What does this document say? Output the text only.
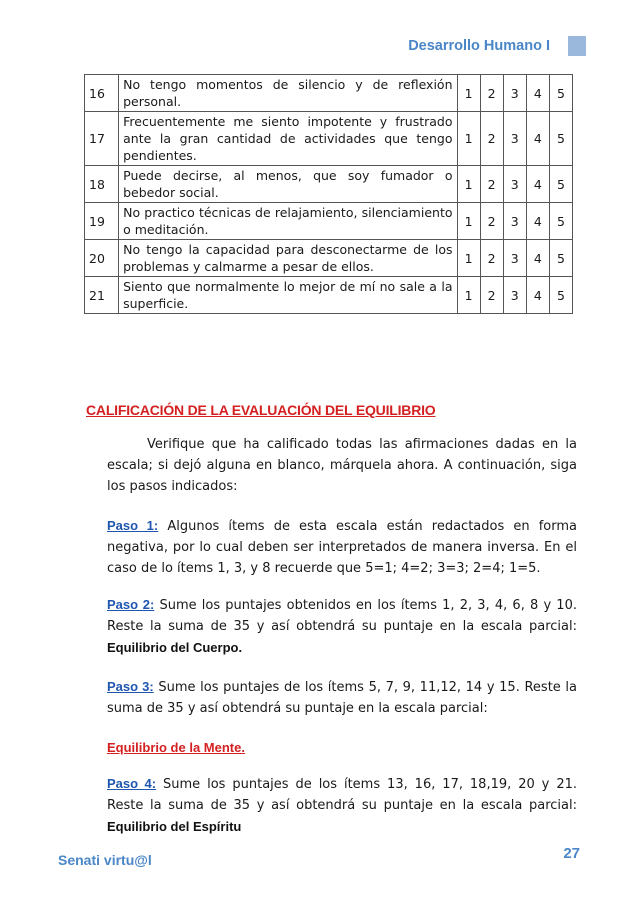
Desarrollo Humano I
16	No tengo momentos de silencio y de reflexión personal.	1	2	3	4	5
17	Frecuentemente me siento impotente y frustrado ante la gran cantidad de actividades que tengo pendientes.	1	2	3	4	5
18	Puede decirse, al menos, que soy fumador o bebedor social.	1	2	3	4	5
19	No practico técnicas de relajamiento, silenciamiento o meditación.	1	2	3	4	5
20	No tengo la capacidad para desconectarme de los problemas y calmarme a pesar de ellos.	1	2	3	4	5
21	Siento que normalmente lo mejor de mí no sale a la superficie.	1	2	3	4	5
CALIFICACIÓN DE LA EVALUACIÓN DEL EQUILIBRIO
Verifique que ha calificado todas las afirmaciones dadas en la escala; si dejó alguna en blanco, márquela ahora. A continuación, siga los pasos indicados:
Paso 1: Algunos ítems de esta escala están redactados en forma negativa, por lo cual deben ser interpretados de manera inversa. En el caso de lo ítems 1, 3, y 8 recuerde que 5=1; 4=2; 3=3; 2=4; 1=5.
Paso 2: Sume los puntajes obtenidos en los ítems 1, 2, 3, 4, 6, 8 y 10. Reste la suma de 35 y así obtendrá su puntaje en la escala parcial: Equilibrio del Cuerpo.
Paso 3: Sume los puntajes de los ítems 5, 7, 9, 11,12, 14 y 15. Reste la suma de 35 y así obtendrá su puntaje en la escala parcial:
Equilibrio de la Mente.
Paso 4: Sume los puntajes de los ítems 13, 16, 17, 18,19, 20 y 21. Reste la suma de 35 y así obtendrá su puntaje en la escala parcial: Equilibrio del Espíritu
Senati virtu@l	27
